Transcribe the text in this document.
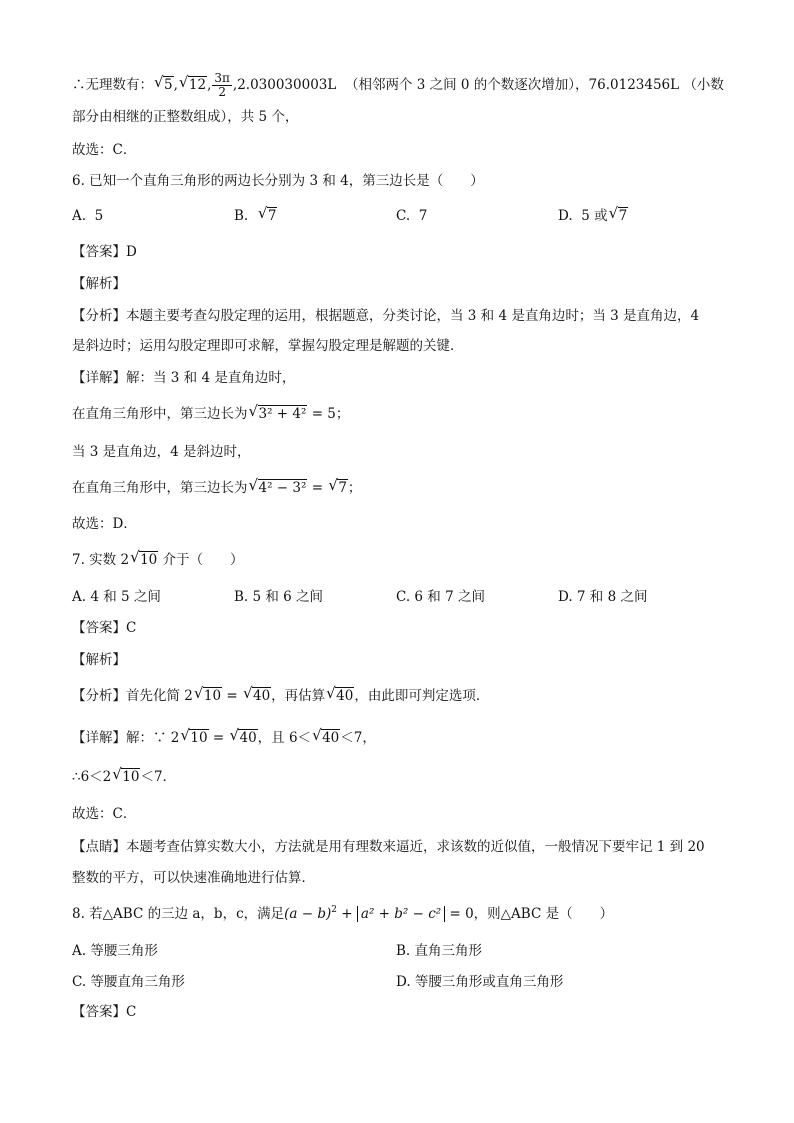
∴无理数有： √ 5, √ 12, $\frac{3\pi}{2} ,2.030030003L$ （相邻两个 3 之间 0 的个数逐次增加），76.0123456L （小数
部分由相继的正整数组成），共 5 个，
故选：C．
6. 已知一个直角三角形的两边长分别为 3 和 4，第三边长是（　　）
A. 5	B. √ 7	C. 7	D. 5 或 √ 7
【答案】D
【解析】
【分析】本题主要考查勾股定理的运用，根据题意，分类讨论，当 3 和 4 是直角边时；当 3 是直角边，4
是斜边时；运用勾股定理即可求解，掌握勾股定理是解题的关键．
【详解】解：当 3 和 4 是直角边时，
在直角三角形中，第三边长为 √ 3² + 4² = 5；
当 3 是直角边，4 是斜边时，
在直角三角形中，第三边长为 √ 4² − 3² = √ 7；
故选：D．
7. 实数 2 √ 10 介于（　　）
A. 4 和 5 之间	B. 5 和 6 之间	C. 6 和 7 之间	D. 7 和 8 之间
【答案】C
【解析】
【分析】首先化简 2 √ 10 = √ 40，再估算 √ 40，由此即可判定选项．
【详解】解：∵ 2 √ 10 = √ 40，且 6＜ √ 40＜7，
∴6＜2 √ 10＜7．
故选：C．
【点睛】本题考查估算实数大小，方法就是用有理数来逼近，求该数的近似值，一般情况下要牢记 1 到 20
整数的平方，可以快速准确地进行估算．
8. 若△ABC 的三边 a，b，c，满足$(a - b)^2 + a^2 + b^2 - c^2 = 0$，则△ABC 是（　　）
A. 等腰三角形	B. 直角三角形
C. 等腰直角三角形	D. 等腰三角形或直角三角形
【答案】C
